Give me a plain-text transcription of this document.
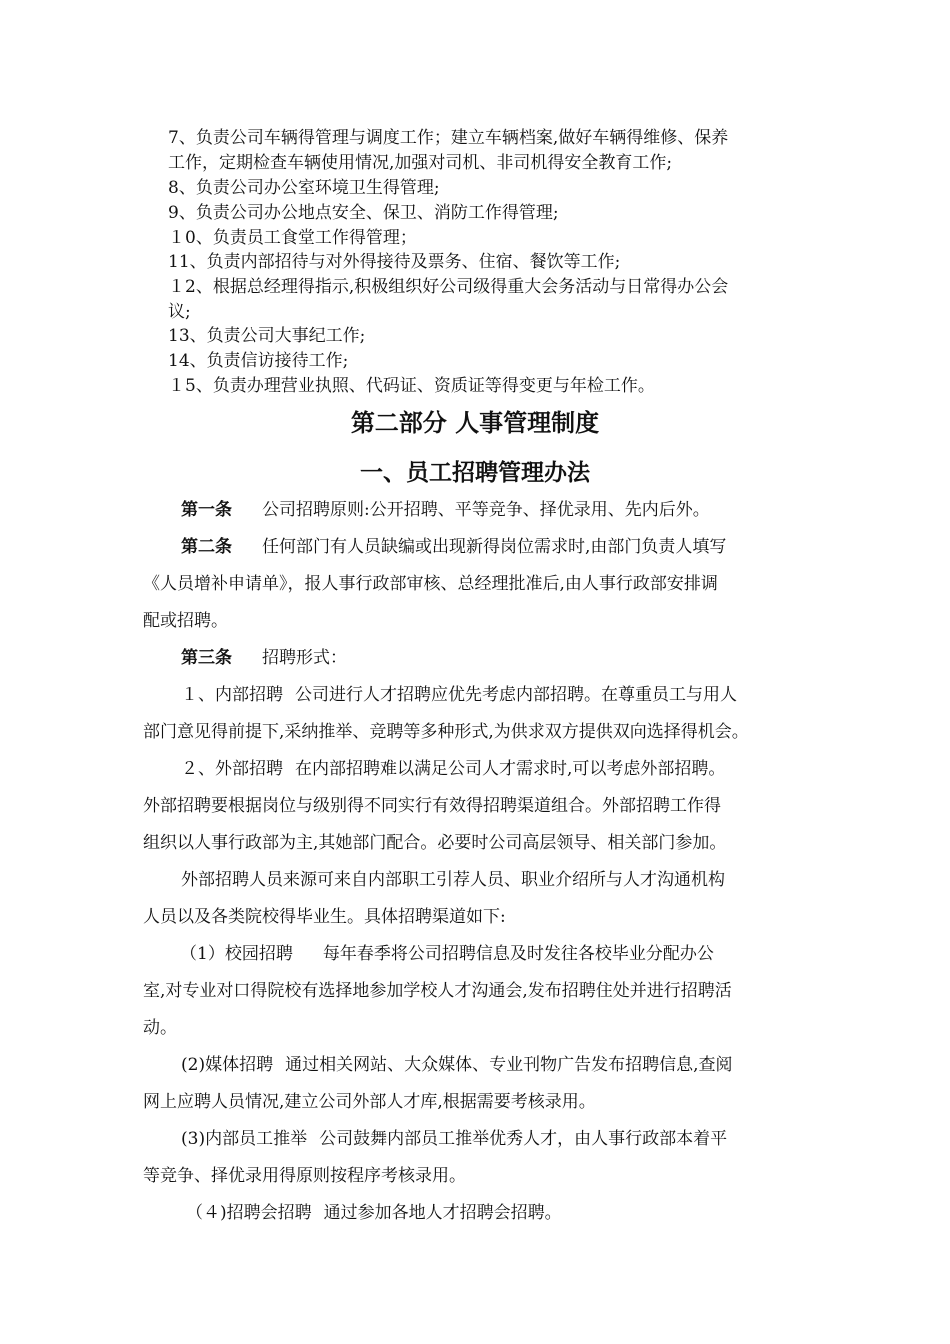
7、负责公司车辆得管理与调度工作；建立车辆档案,做好车辆得维修、保养
工作，定期检查车辆使用情况,加强对司机、非司机得安全教育工作;
8、负责公司办公室环境卫生得管理;
9、负责公司办公地点安全、保卫、消防工作得管理;
１0、负责员工食堂工作得管理；
11、负责内部招待与对外得接待及票务、住宿、餐饮等工作;
１2、根据总经理得指示,积极组织好公司级得重大会务活动与日常得办公会
议;
13、负责公司大事纪工作;
14、负责信访接待工作;
１5、负责办理营业执照、代码证、资质证等得变更与年检工作。
第二部分 人事管理制度
一、员工招聘管理办法
第一条 公司招聘原则:公开招聘、平等竞争、择优录用、先内后外。
第二条 任何部门有人员缺编或出现新得岗位需求时,由部门负责人填写
《人员增补申请单》，报人事行政部审核、总经理批准后,由人事行政部安排调
配或招聘。
第三条 招聘形式：
１、内部招聘 公司进行人才招聘应优先考虑内部招聘。在尊重员工与用人
部门意见得前提下,采纳推举、竞聘等多种形式,为供求双方提供双向选择得机会。
２、外部招聘 在内部招聘难以满足公司人才需求时,可以考虑外部招聘。
外部招聘要根据岗位与级别得不同实行有效得招聘渠道组合。外部招聘工作得
组织以人事行政部为主,其她部门配合。必要时公司高层领导、相关部门参加。
外部招聘人员来源可来自内部职工引荐人员、职业介绍所与人才沟通机构
人员以及各类院校得毕业生。具体招聘渠道如下:
（1）校园招聘 每年春季将公司招聘信息及时发往各校毕业分配办公
室,对专业对口得院校有选择地参加学校人才沟通会,发布招聘住处并进行招聘活
动。
(2)媒体招聘 通过相关网站、大众媒体、专业刊物广告发布招聘信息,查阅
网上应聘人员情况,建立公司外部人才库,根据需要考核录用。
(3)内部员工推举 公司鼓舞内部员工推举优秀人才，由人事行政部本着平
等竞争、择优录用得原则按程序考核录用。
（４)招聘会招聘 通过参加各地人才招聘会招聘。
